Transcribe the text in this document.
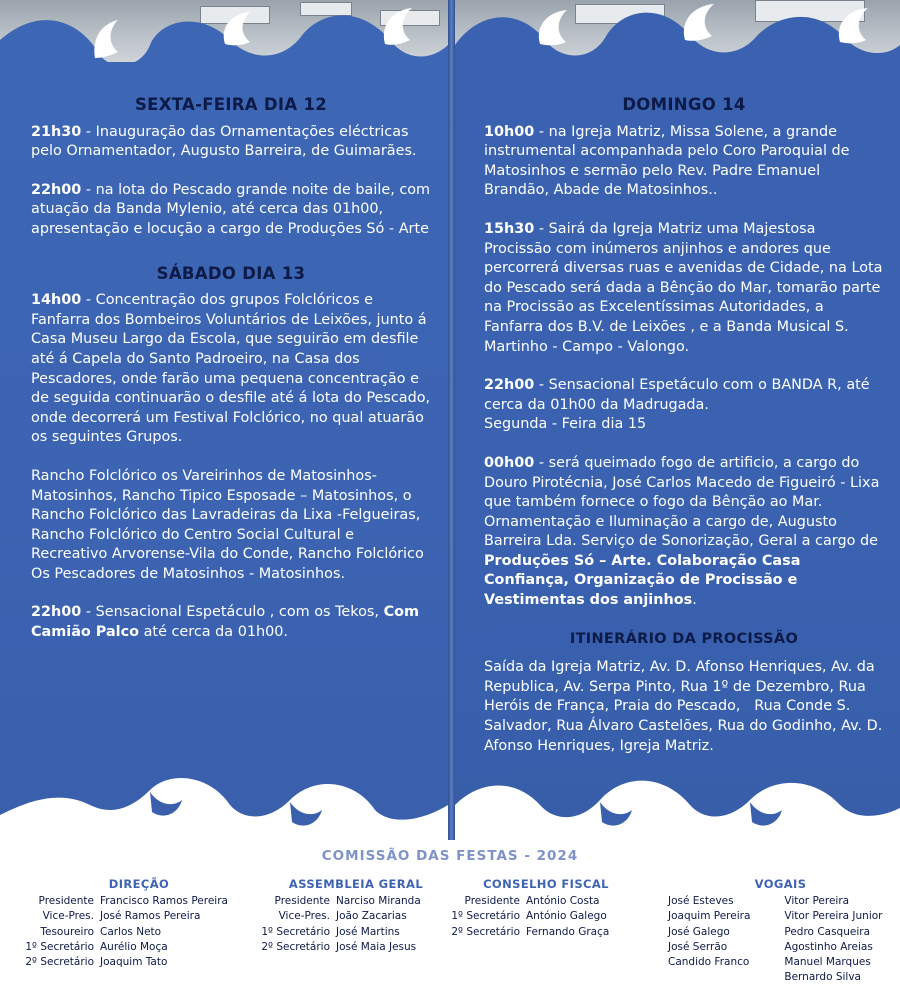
SEXTA-FEIRA DIA 12
21h30 - Inauguração das Ornamentações eléctricas pelo Ornamentador, Augusto Barreira, de Guimarães.
22h00 - na lota do Pescado grande noite de baile, com atuação da Banda Mylenio, até cerca das 01h00, apresentação e locução a cargo de Produções Só - Arte
SÁBADO DIA 13
14h00 - Concentração dos grupos Folclóricos e Fanfarra dos Bombeiros Voluntários de Leixões, junto á Casa Museu Largo da Escola, que seguirão em desfile até á Capela do Santo Padroeiro, na Casa dos Pescadores, onde farão uma pequena concentração e de seguida continuarão o desfile até á lota do Pescado, onde decorrerá um Festival Folclórico, no qual atuarão os seguintes Grupos.
Rancho Folclórico os Vareirinhos de Matosinhos-Matosinhos, Rancho Tipico Esposade – Matosinhos, o Rancho Folclórico das Lavradeiras da Lixa -Felgueiras, Rancho Folclórico do Centro Social Cultural e Recreativo Arvorense-Vila do Conde, Rancho Folclórico Os Pescadores de Matosinhos - Matosinhos.
22h00 - Sensacional Espetáculo , com os Tekos, Com Camião Palco até cerca da 01h00.
DOMINGO 14
10h00 - na Igreja Matriz, Missa Solene, a grande instrumental acompanhada pelo Coro Paroquial de Matosinhos e sermão pelo Rev. Padre Emanuel Brandão, Abade de Matosinhos..
15h30 - Sairá da Igreja Matriz uma Majestosa Procissão com inúmeros anjinhos e andores que percorrerá diversas ruas e avenidas de Cidade, na Lota do Pescado será dada a Bênção do Mar, tomarão parte na Procissão as Excelentíssimas Autoridades, a Fanfarra dos B.V. de Leixões , e a Banda Musical S. Martinho - Campo - Valongo.
22h00 - Sensacional Espetáculo com o BANDA R, até cerca da 01h00 da Madrugada.
Segunda - Feira dia 15
00h00 - será queimado fogo de artificio, a cargo do Douro Pirotécnia, José Carlos Macedo de Figueiró - Lixa que também fornece o fogo da Bênção ao Mar. Ornamentação e Iluminação a cargo de, Augusto Barreira Lda. Serviço de Sonorização, Geral a cargo de Produções Só – Arte. Colaboração Casa Confiança, Organização de Procissão e Vestimentas dos anjinhos.
ITINERÁRIO DA PROCISSÃO
Saída da Igreja Matriz, Av. D. Afonso Henriques, Av. da Republica, Av. Serpa Pinto, Rua 1º de Dezembro, Rua Heróis de França, Praia do Pescado,   Rua Conde S. Salvador, Rua Álvaro Castelões, Rua do Godinho, Av. D. Afonso Henriques, Igreja Matriz.
COMISSÃO DAS FESTAS - 2024
DIREÇÃO
Presidente Francisco Ramos Pereira
Vice-Pres. José Ramos Pereira
Tesoureiro Carlos Neto
1º Secretário Aurélio Moça
2º Secretário Joaquim Tato
ASSEMBLEIA GERAL
Presidente Narciso Miranda
Vice-Pres. João Zacarias
1º Secretário José Martins
2º Secretário José Maia Jesus
CONSELHO FISCAL
Presidente António Costa
1º Secretário António Galego
2º Secretário Fernando Graça
VOGAIS
José Esteves
Joaquim Pereira
José Galego
José Serrão
Candido Franco
Vitor Pereira
Vitor Pereira Junior
Pedro Casqueira
Agostinho Areias
Manuel Marques
Bernardo Silva
